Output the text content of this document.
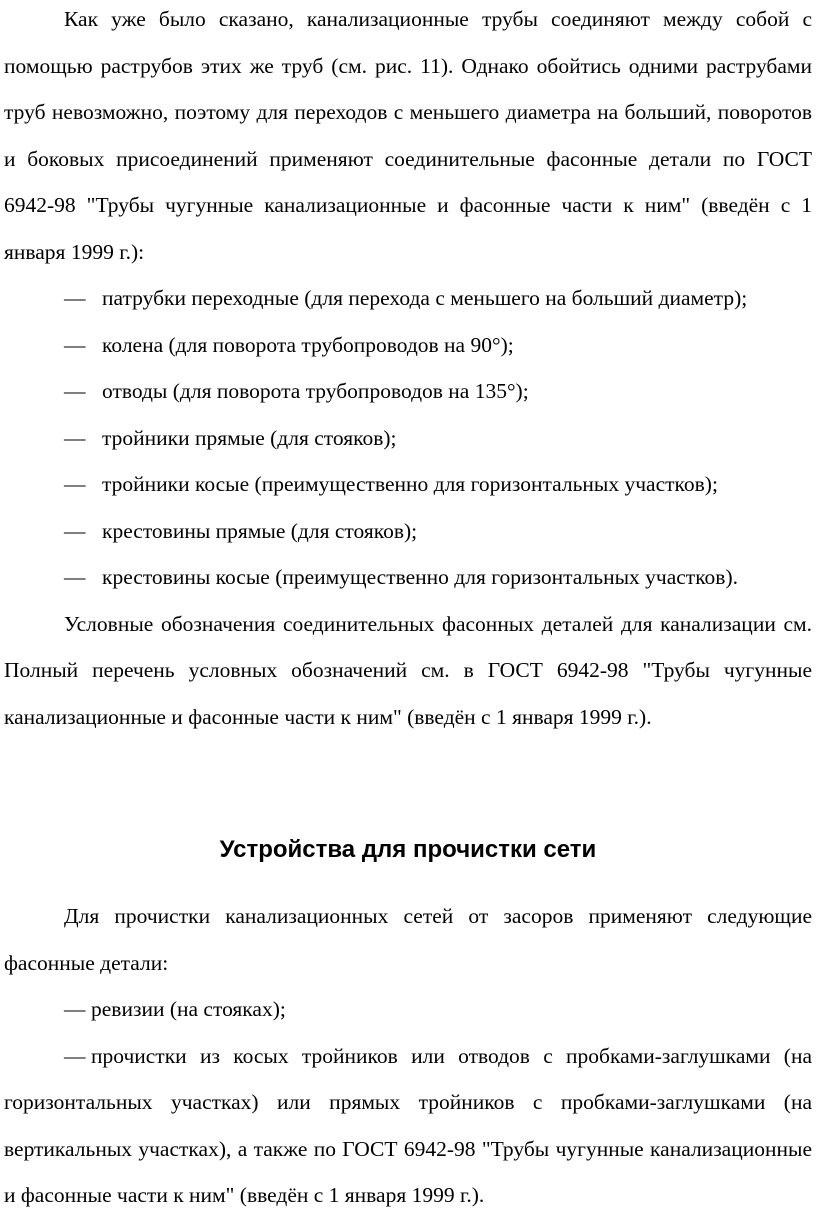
Как уже было сказано, канализационные трубы соединяют между собой с помощью раструбов этих же труб (см. рис. 11). Однако обойтись одними раструбами труб невозможно, поэтому для переходов с меньшего диаметра на больший, поворотов и боковых присоединений применяют соединительные фасонные детали по ГОСТ 6942-98 "Трубы чугунные канализационные и фасонные части к ним" (введён с 1 января 1999 г.):

— патрубки переходные (для перехода с меньшего на больший диаметр);
— колена (для поворота трубопроводов на 90°);
— отводы (для поворота трубопроводов на 135°);
— тройники прямые (для стояков);
— тройники косые (преимущественно для горизонтальных участков);
— крестовины прямые (для стояков);
— крестовины косые (преимущественно для горизонтальных участков).

Условные обозначения соединительных фасонных деталей для канализации см. Полный перечень условных обозначений см. в ГОСТ 6942-98 "Трубы чугунные канализационные и фасонные части к ним" (введён с 1 января 1999 г.).

Устройства для прочистки сети

Для прочистки канализационных сетей от засоров применяют следующие фасонные детали:

— ревизии (на стояках);

— прочистки из косых тройников или отводов с пробками-заглушками (на горизонтальных участках) или прямых тройников с пробками-заглушками (на вертикальных участках), а также по ГОСТ 6942-98 "Трубы чугунные канализационные и фасонные части к ним" (введён с 1 января 1999 г.).
